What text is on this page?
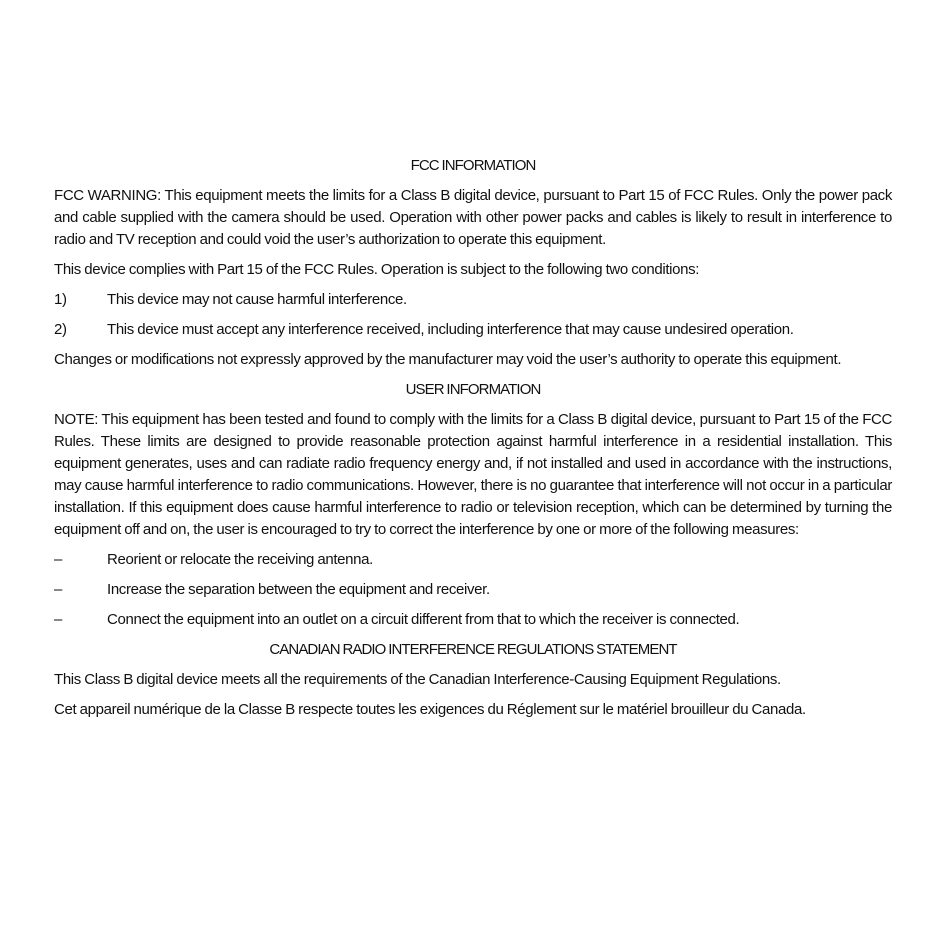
FCC INFORMATION

FCC WARNING: This equipment meets the limits for a Class B digital device, pursuant to Part 15 of FCC Rules. Only the power pack and cable supplied with the camera should be used. Operation with other power packs and cables is likely to result in interference to radio and TV reception and could void the user’s authorization to operate this equipment.

This device complies with Part 15 of the FCC Rules. Operation is subject to the following two conditions:

1)	This device may not cause harmful interference.
2)	This device must accept any interference received, including interference that may cause undesired operation.

Changes or modifications not expressly approved by the manufacturer may void the user’s authority to operate this equipment.

USER INFORMATION

NOTE: This equipment has been tested and found to comply with the limits for a Class B digital device, pursuant to Part 15 of the FCC Rules. These limits are designed to provide reasonable protection against harmful interference in a residential installation. This equipment generates, uses and can radiate radio frequency energy and, if not installed and used in accordance with the instructions, may cause harmful interference to radio communications. However, there is no guarantee that interference will not occur in a particular installation. If this equipment does cause harmful interference to radio or television reception, which can be determined by turning the equipment off and on, the user is encouraged to try to correct the interference by one or more of the following measures:

–	Reorient or relocate the receiving antenna.
–	Increase the separation between the equipment and receiver.
–	Connect the equipment into an outlet on a circuit different from that to which the receiver is connected.
CANADIAN RADIO INTERFERENCE REGULATIONS STATEMENT

This Class B digital device meets all the requirements of the Canadian Interference-Causing Equipment Regulations.

Cet appareil numérique de la Classe B respecte toutes les exigences du Réglement sur le matériel brouilleur du Canada.
